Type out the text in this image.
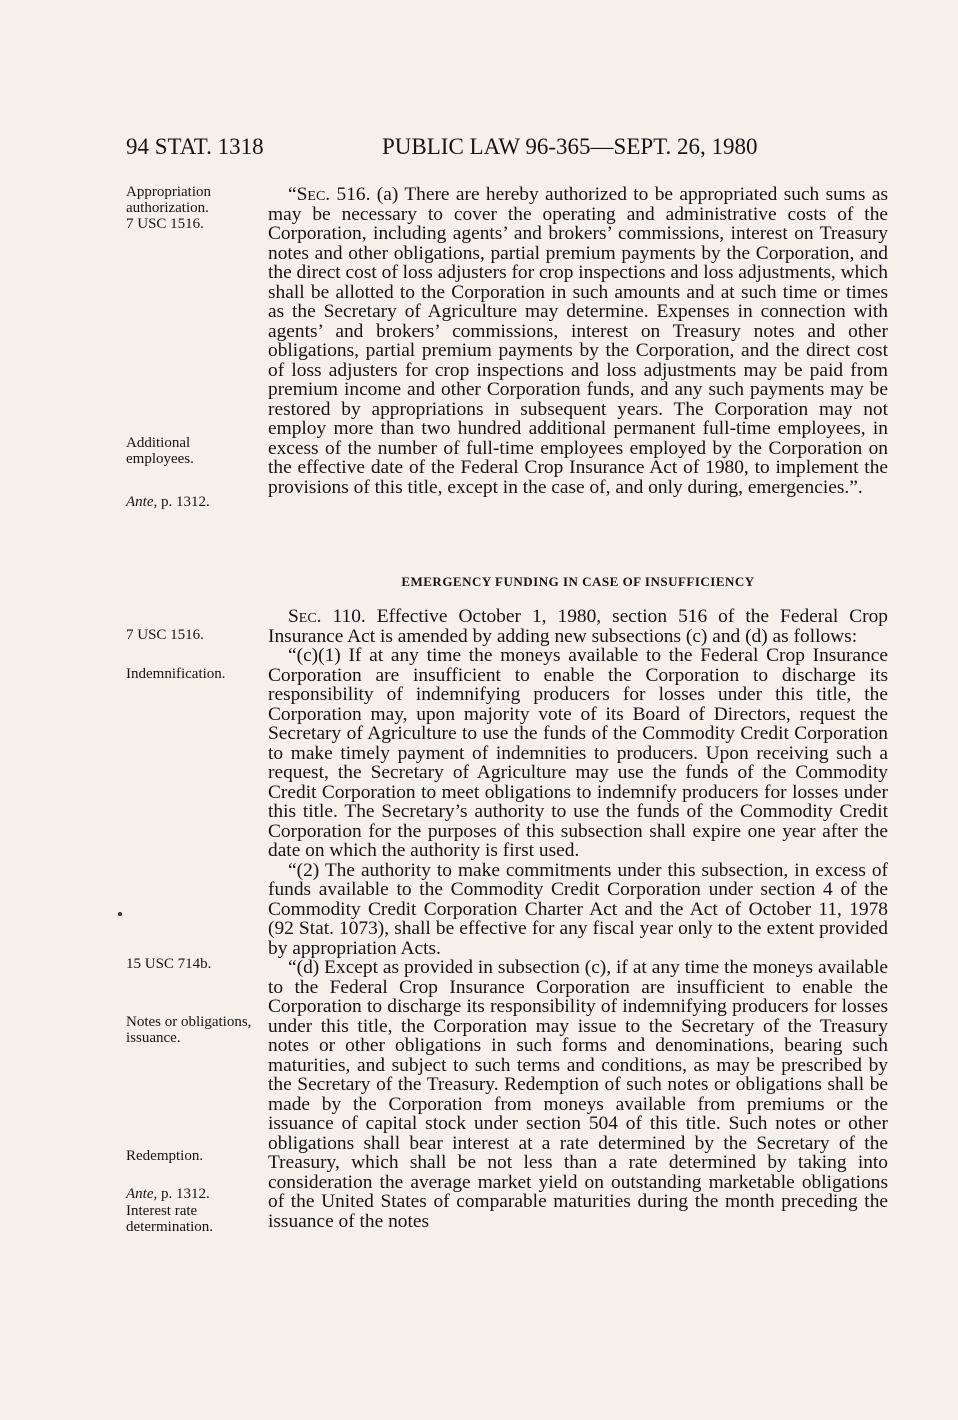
94 STAT. 1318	PUBLIC LAW 96-365—SEPT. 26, 1980
Appropriation authorization.
7 USC 1516.
Additional employees.
Ante, p. 1312.
7 USC 1516.
Indemnification.
15 USC 714b.
Notes or obligations, issuance.
Redemption.
Ante, p. 1312.
Interest rate determination.

“Sec. 516. (a) There are hereby authorized to be appropriated such sums as may be necessary to cover the operating and administrative costs of the Corporation, including agents’ and brokers’ commissions, interest on Treasury notes and other obligations, partial premium payments by the Corporation, and the direct cost of loss adjusters for crop inspections and loss adjustments, which shall be allotted to the Corporation in such amounts and at such time or times as the Secretary of Agriculture may determine. Expenses in connection with agents’ and brokers’ commissions, interest on Treasury notes and other obligations, partial premium payments by the Corporation, and the direct cost of loss adjusters for crop inspections and loss adjustments may be paid from premium income and other Corporation funds, and any such payments may be restored by appropriations in subsequent years. The Corporation may not employ more than two hundred additional permanent full-time employees, in excess of the number of full-time employees employed by the Corporation on the effective date of the Federal Crop Insurance Act of 1980, to implement the provisions of this title, except in the case of, and only during, emergencies.”.

EMERGENCY FUNDING IN CASE OF INSUFFICIENCY

Sec. 110. Effective October 1, 1980, section 516 of the Federal Crop Insurance Act is amended by adding new subsections (c) and (d) as follows:

“(c)(1) If at any time the moneys available to the Federal Crop Insurance Corporation are insufficient to enable the Corporation to discharge its responsibility of indemnifying producers for losses under this title, the Corporation may, upon majority vote of its Board of Directors, request the Secretary of Agriculture to use the funds of the Commodity Credit Corporation to make timely payment of indemnities to producers. Upon receiving such a request, the Secretary of Agriculture may use the funds of the Commodity Credit Corporation to meet obligations to indemnify producers for losses under this title. The Secretary’s authority to use the funds of the Commodity Credit Corporation for the purposes of this subsection shall expire one year after the date on which the authority is first used.

“(2) The authority to make commitments under this subsection, in excess of funds available to the Commodity Credit Corporation under section 4 of the Commodity Credit Corporation Charter Act and the Act of October 11, 1978 (92 Stat. 1073), shall be effective for any fiscal year only to the extent provided by appropriation Acts.

“(d) Except as provided in subsection (c), if at any time the moneys available to the Federal Crop Insurance Corporation are insufficient to enable the Corporation to discharge its responsibility of indemnifying producers for losses under this title, the Corporation may issue to the Secretary of the Treasury notes or other obligations in such forms and denominations, bearing such maturities, and subject to such terms and conditions, as may be prescribed by the Secretary of the Treasury. Redemption of such notes or obligations shall be made by the Corporation from moneys available from premiums or the issuance of capital stock under section 504 of this title. Such notes or other obligations shall bear interest at a rate determined by the Secretary of the Treasury, which shall be not less than a rate determined by taking into consideration the average market yield on outstanding marketable obligations of the United States of comparable maturities during the month preceding the issuance of the notes
